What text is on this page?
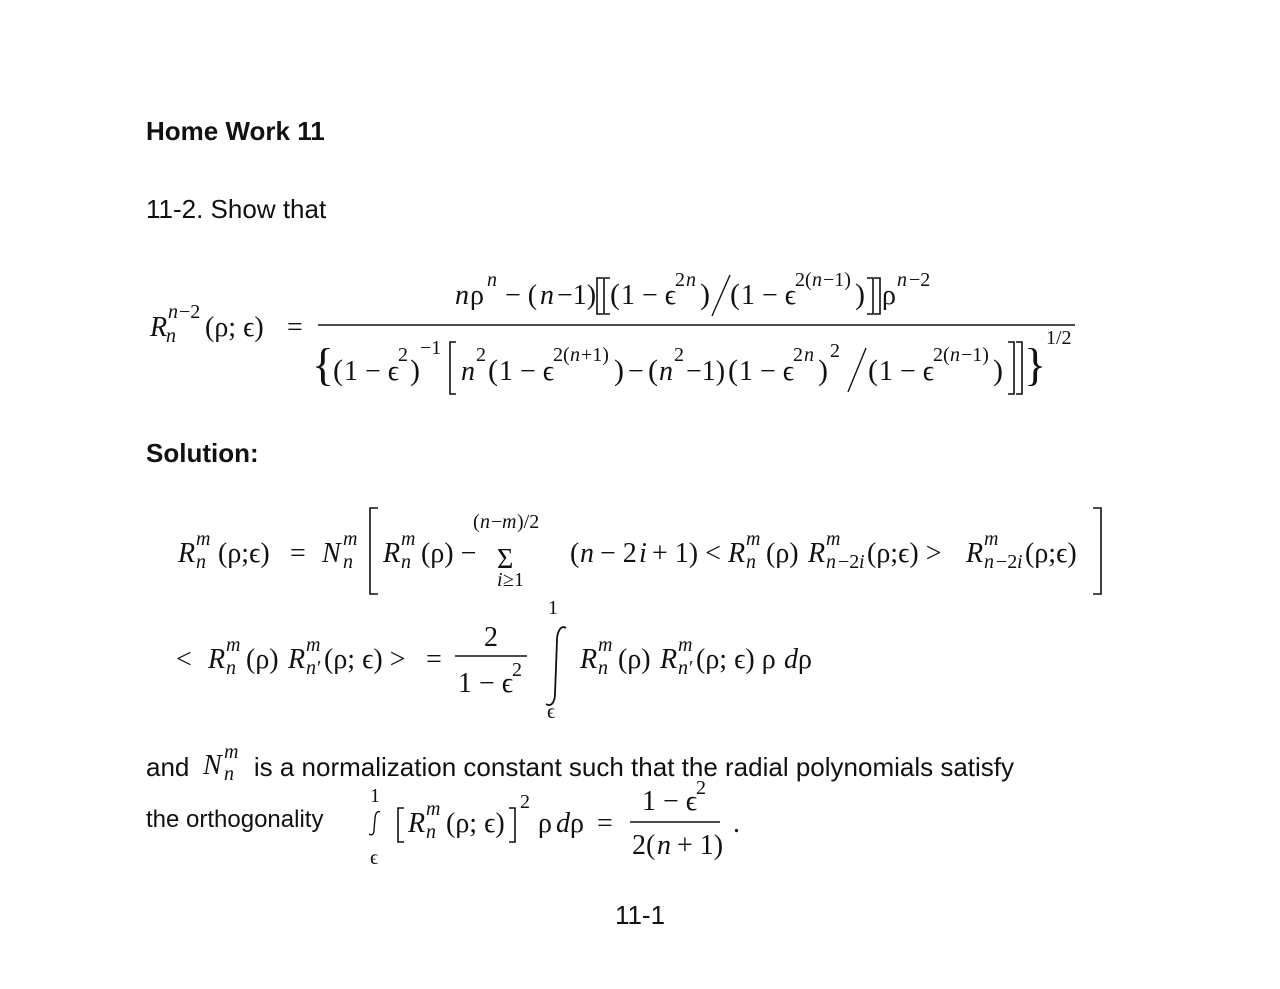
Home Work 11
11-2. Show that
R n −2
n (ρ; ϵ) =
n ρ n − ( n −1) ( 1 − ϵ
2 n ) ( 1 − ϵ
2( n −1) ) ρ n −2
{
( 1 − ϵ
2 )
−1
n
2 ( 1 − ϵ
2( n +1) ) − ( n
2
−1) ( 1 − ϵ
2 n )
2
( 1 − ϵ
2( n −1) ) }
1/2
Solution:
R m
n (ρ;ϵ) = N m
n R m
n (ρ) −
( n − m )/2
Σ
i ≥1
( n − 2 i + 1) < R m
n (ρ) R m
n −2 i (ρ;ϵ) > R m
n −2 i (ρ;ϵ)
< R m
n (ρ) R m
n ′ (ρ; ϵ) > =
2
1 − ϵ
2
1
ϵ
R m
n (ρ) R m
n ′ (ρ; ϵ) ρ d ρ
and N m
n is a normalization constant such that the radial polynomials satisfy
the orthogonality
1
ϵ
R m
n (ρ; ϵ)
2
ρ d ρ =
1 − ϵ
2
2( n + 1)
.
11-1
